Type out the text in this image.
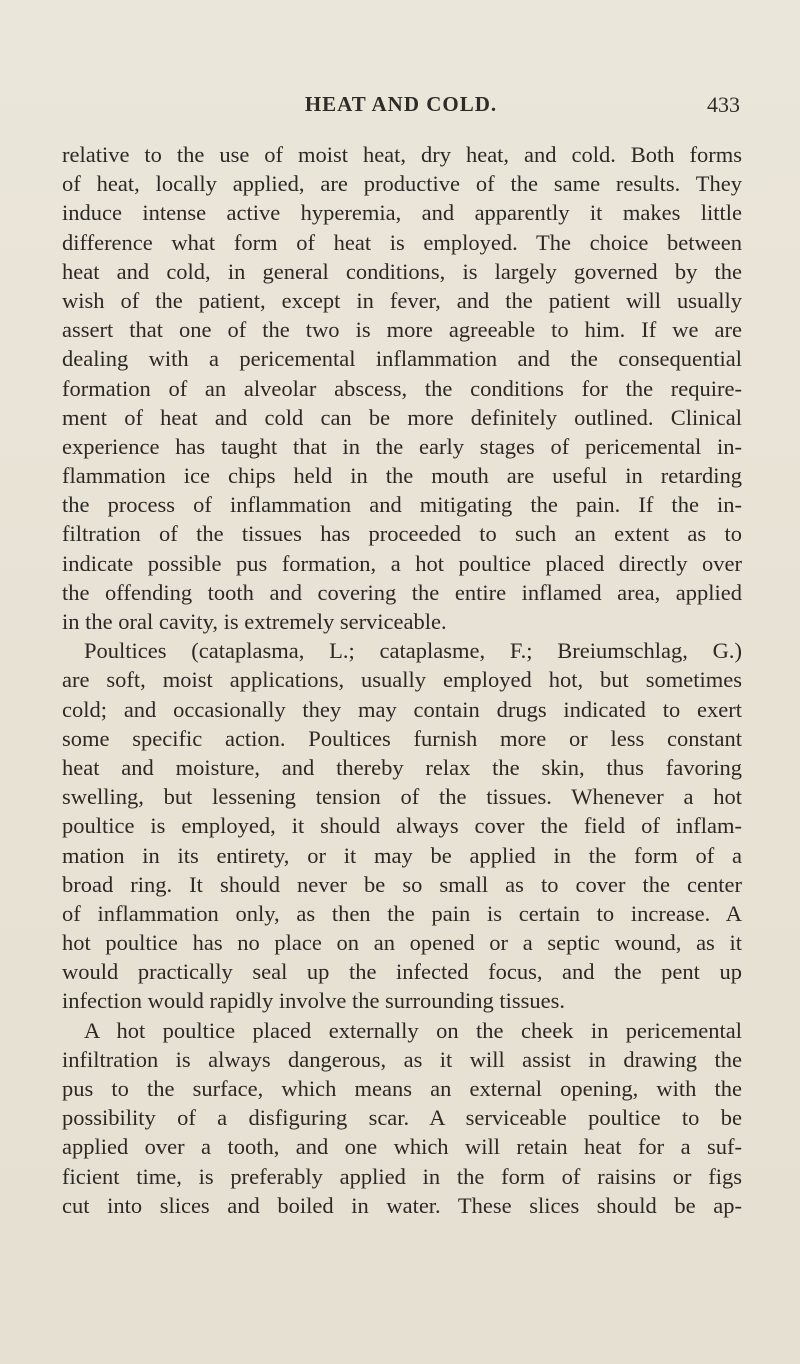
HEAT AND COLD.	433
relative to the use of moist heat, dry heat, and cold. Both forms
of heat, locally applied, are productive of the same results. They
induce intense active hyperemia, and apparently it makes little
difference what form of heat is employed. The choice between
heat and cold, in general conditions, is largely governed by the
wish of the patient, except in fever, and the patient will usually
assert that one of the two is more agreeable to him. If we are
dealing with a pericemental inflammation and the consequential
formation of an alveolar abscess, the conditions for the require-
ment of heat and cold can be more definitely outlined. Clinical
experience has taught that in the early stages of pericemental in-
flammation ice chips held in the mouth are useful in retarding
the process of inflammation and mitigating the pain. If the in-
filtration of the tissues has proceeded to such an extent as to
indicate possible pus formation, a hot poultice placed directly over
the offending tooth and covering the entire inflamed area, applied
in the oral cavity, is extremely serviceable.
Poultices (cataplasma, L.; cataplasme, F.; Breiumschlag, G.)
are soft, moist applications, usually employed hot, but sometimes
cold; and occasionally they may contain drugs indicated to exert
some specific action. Poultices furnish more or less constant
heat and moisture, and thereby relax the skin, thus favoring
swelling, but lessening tension of the tissues. Whenever a hot
poultice is employed, it should always cover the field of inflam-
mation in its entirety, or it may be applied in the form of a
broad ring. It should never be so small as to cover the center
of inflammation only, as then the pain is certain to increase. A
hot poultice has no place on an opened or a septic wound, as it
would practically seal up the infected focus, and the pent up
infection would rapidly involve the surrounding tissues.
A hot poultice placed externally on the cheek in pericemental
infiltration is always dangerous, as it will assist in drawing the
pus to the surface, which means an external opening, with the
possibility of a disfiguring scar. A serviceable poultice to be
applied over a tooth, and one which will retain heat for a suf-
ficient time, is preferably applied in the form of raisins or figs
cut into slices and boiled in water. These slices should be ap-
